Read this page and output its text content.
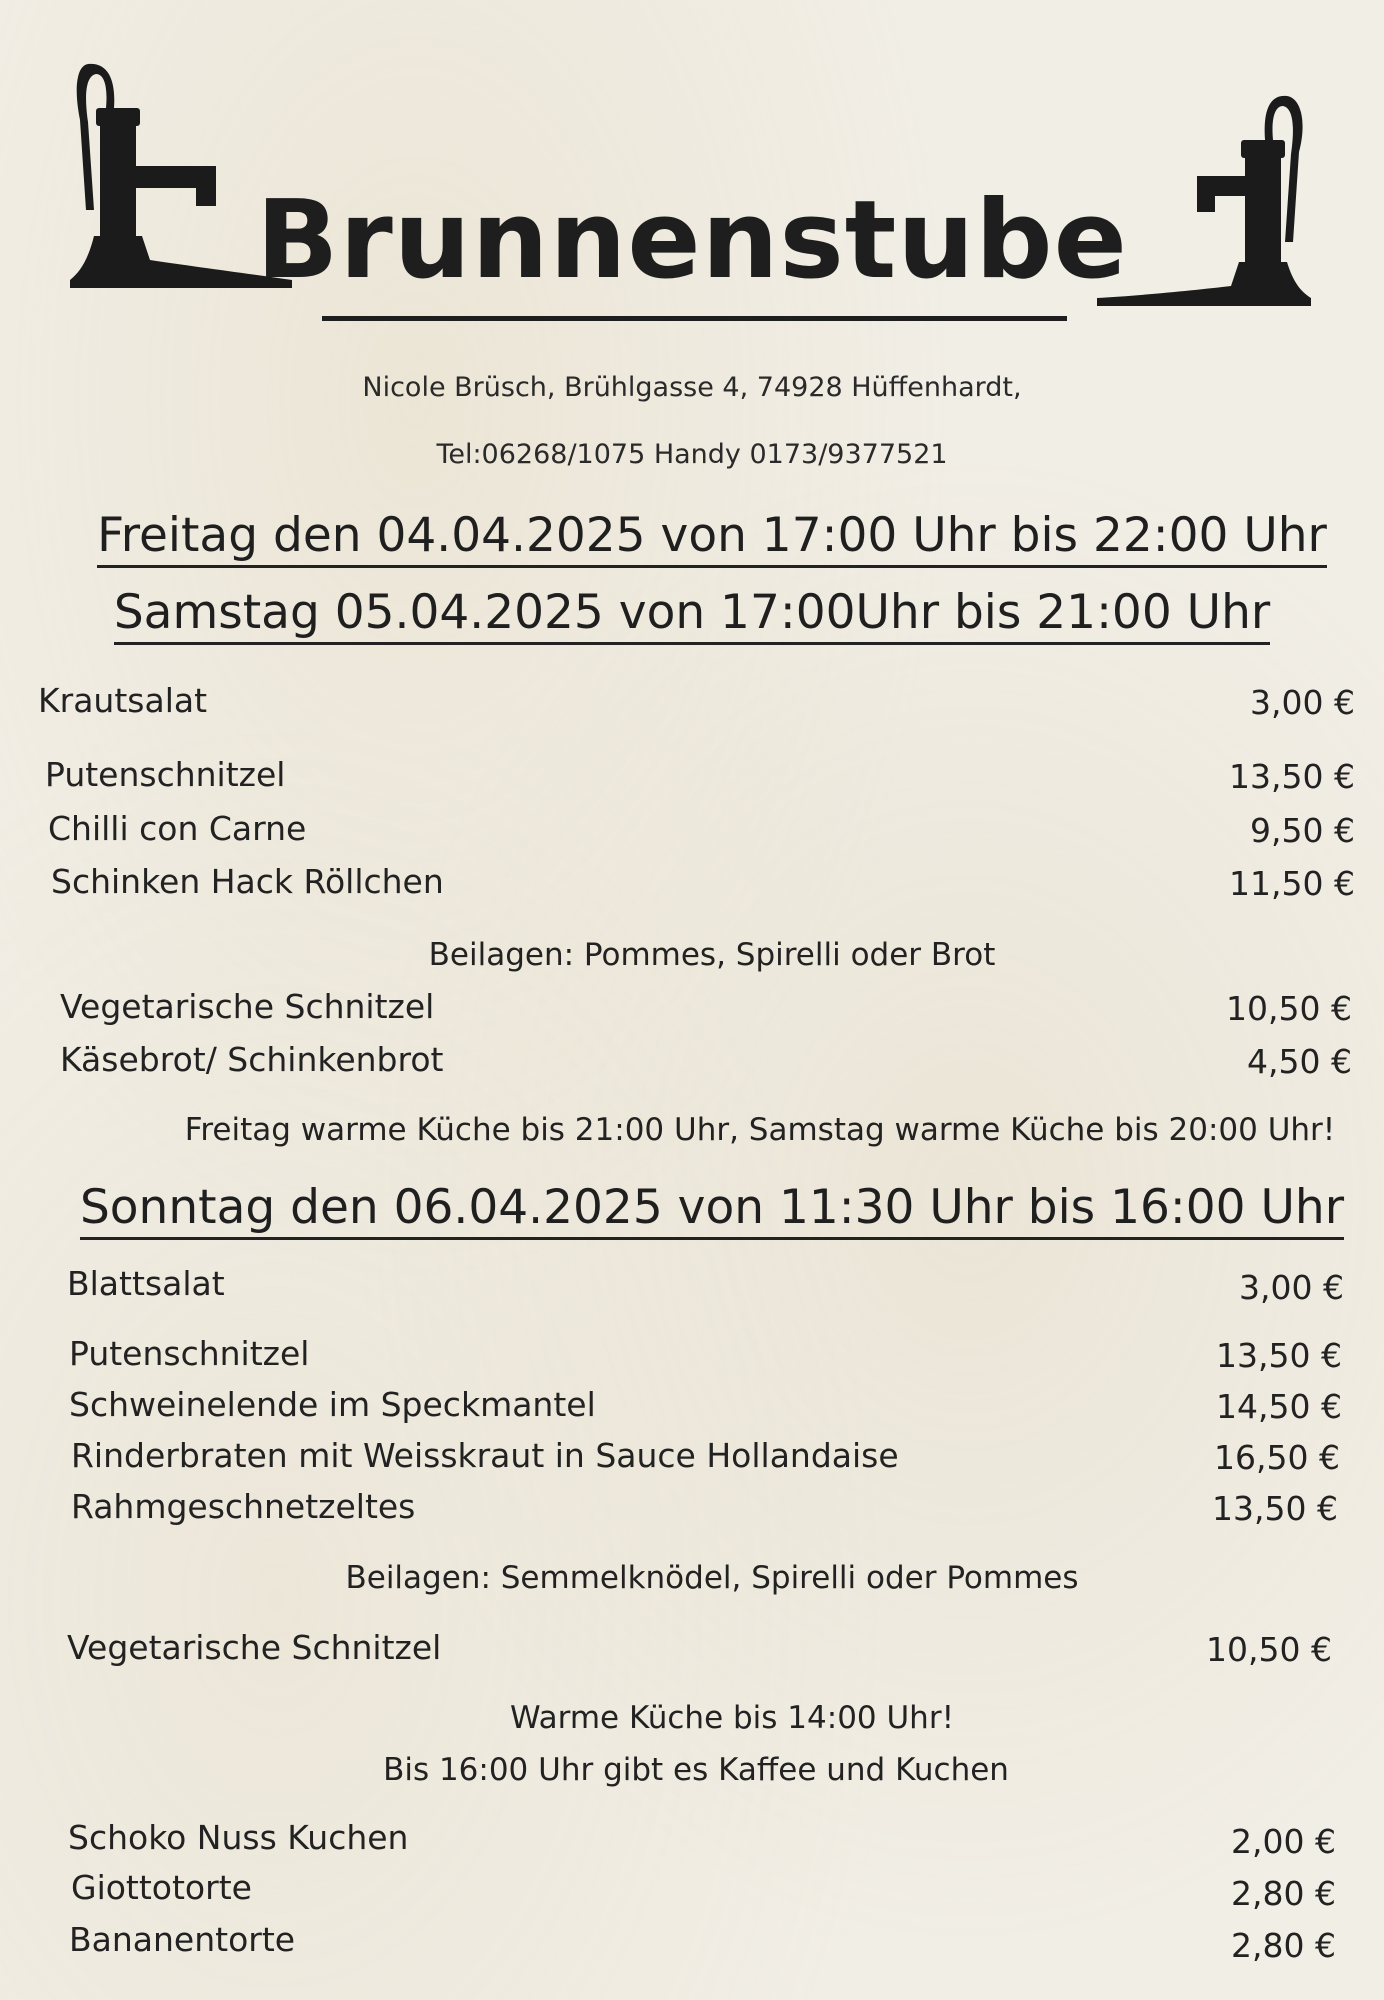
Brunnenstube
Nicole Brüsch, Brühlgasse 4, 74928 Hüffenhardt,
Tel:06268/1075 Handy 0173/9377521
Freitag den 04.04.2025 von 17:00 Uhr bis 22:00 Uhr
Samstag 05.04.2025 von 17:00Uhr bis 21:00 Uhr
Krautsalat	3,00 €
Putenschnitzel	13,50 €
Chilli con Carne	9,50 €
Schinken Hack Röllchen	11,50 €
Beilagen: Pommes, Spirelli oder Brot
Vegetarische Schnitzel	10,50 €
Käsebrot/ Schinkenbrot	4,50 €
Freitag warme Küche bis 21:00 Uhr, Samstag warme Küche bis 20:00 Uhr!
Sonntag den 06.04.2025 von 11:30 Uhr bis 16:00 Uhr
Blattsalat	3,00 €
Putenschnitzel	13,50 €
Schweinelende im Speckmantel	14,50 €
Rinderbraten mit Weisskraut in Sauce Hollandaise	16,50 €
Rahmgeschnetzeltes	13,50 €
Beilagen: Semmelknödel, Spirelli oder Pommes
Vegetarische Schnitzel	10,50 €
Warme Küche bis 14:00 Uhr!
Bis 16:00 Uhr gibt es Kaffee und Kuchen
Schoko Nuss Kuchen	2,00 €
Giottotorte	2,80 €
Bananentorte	2,80 €
